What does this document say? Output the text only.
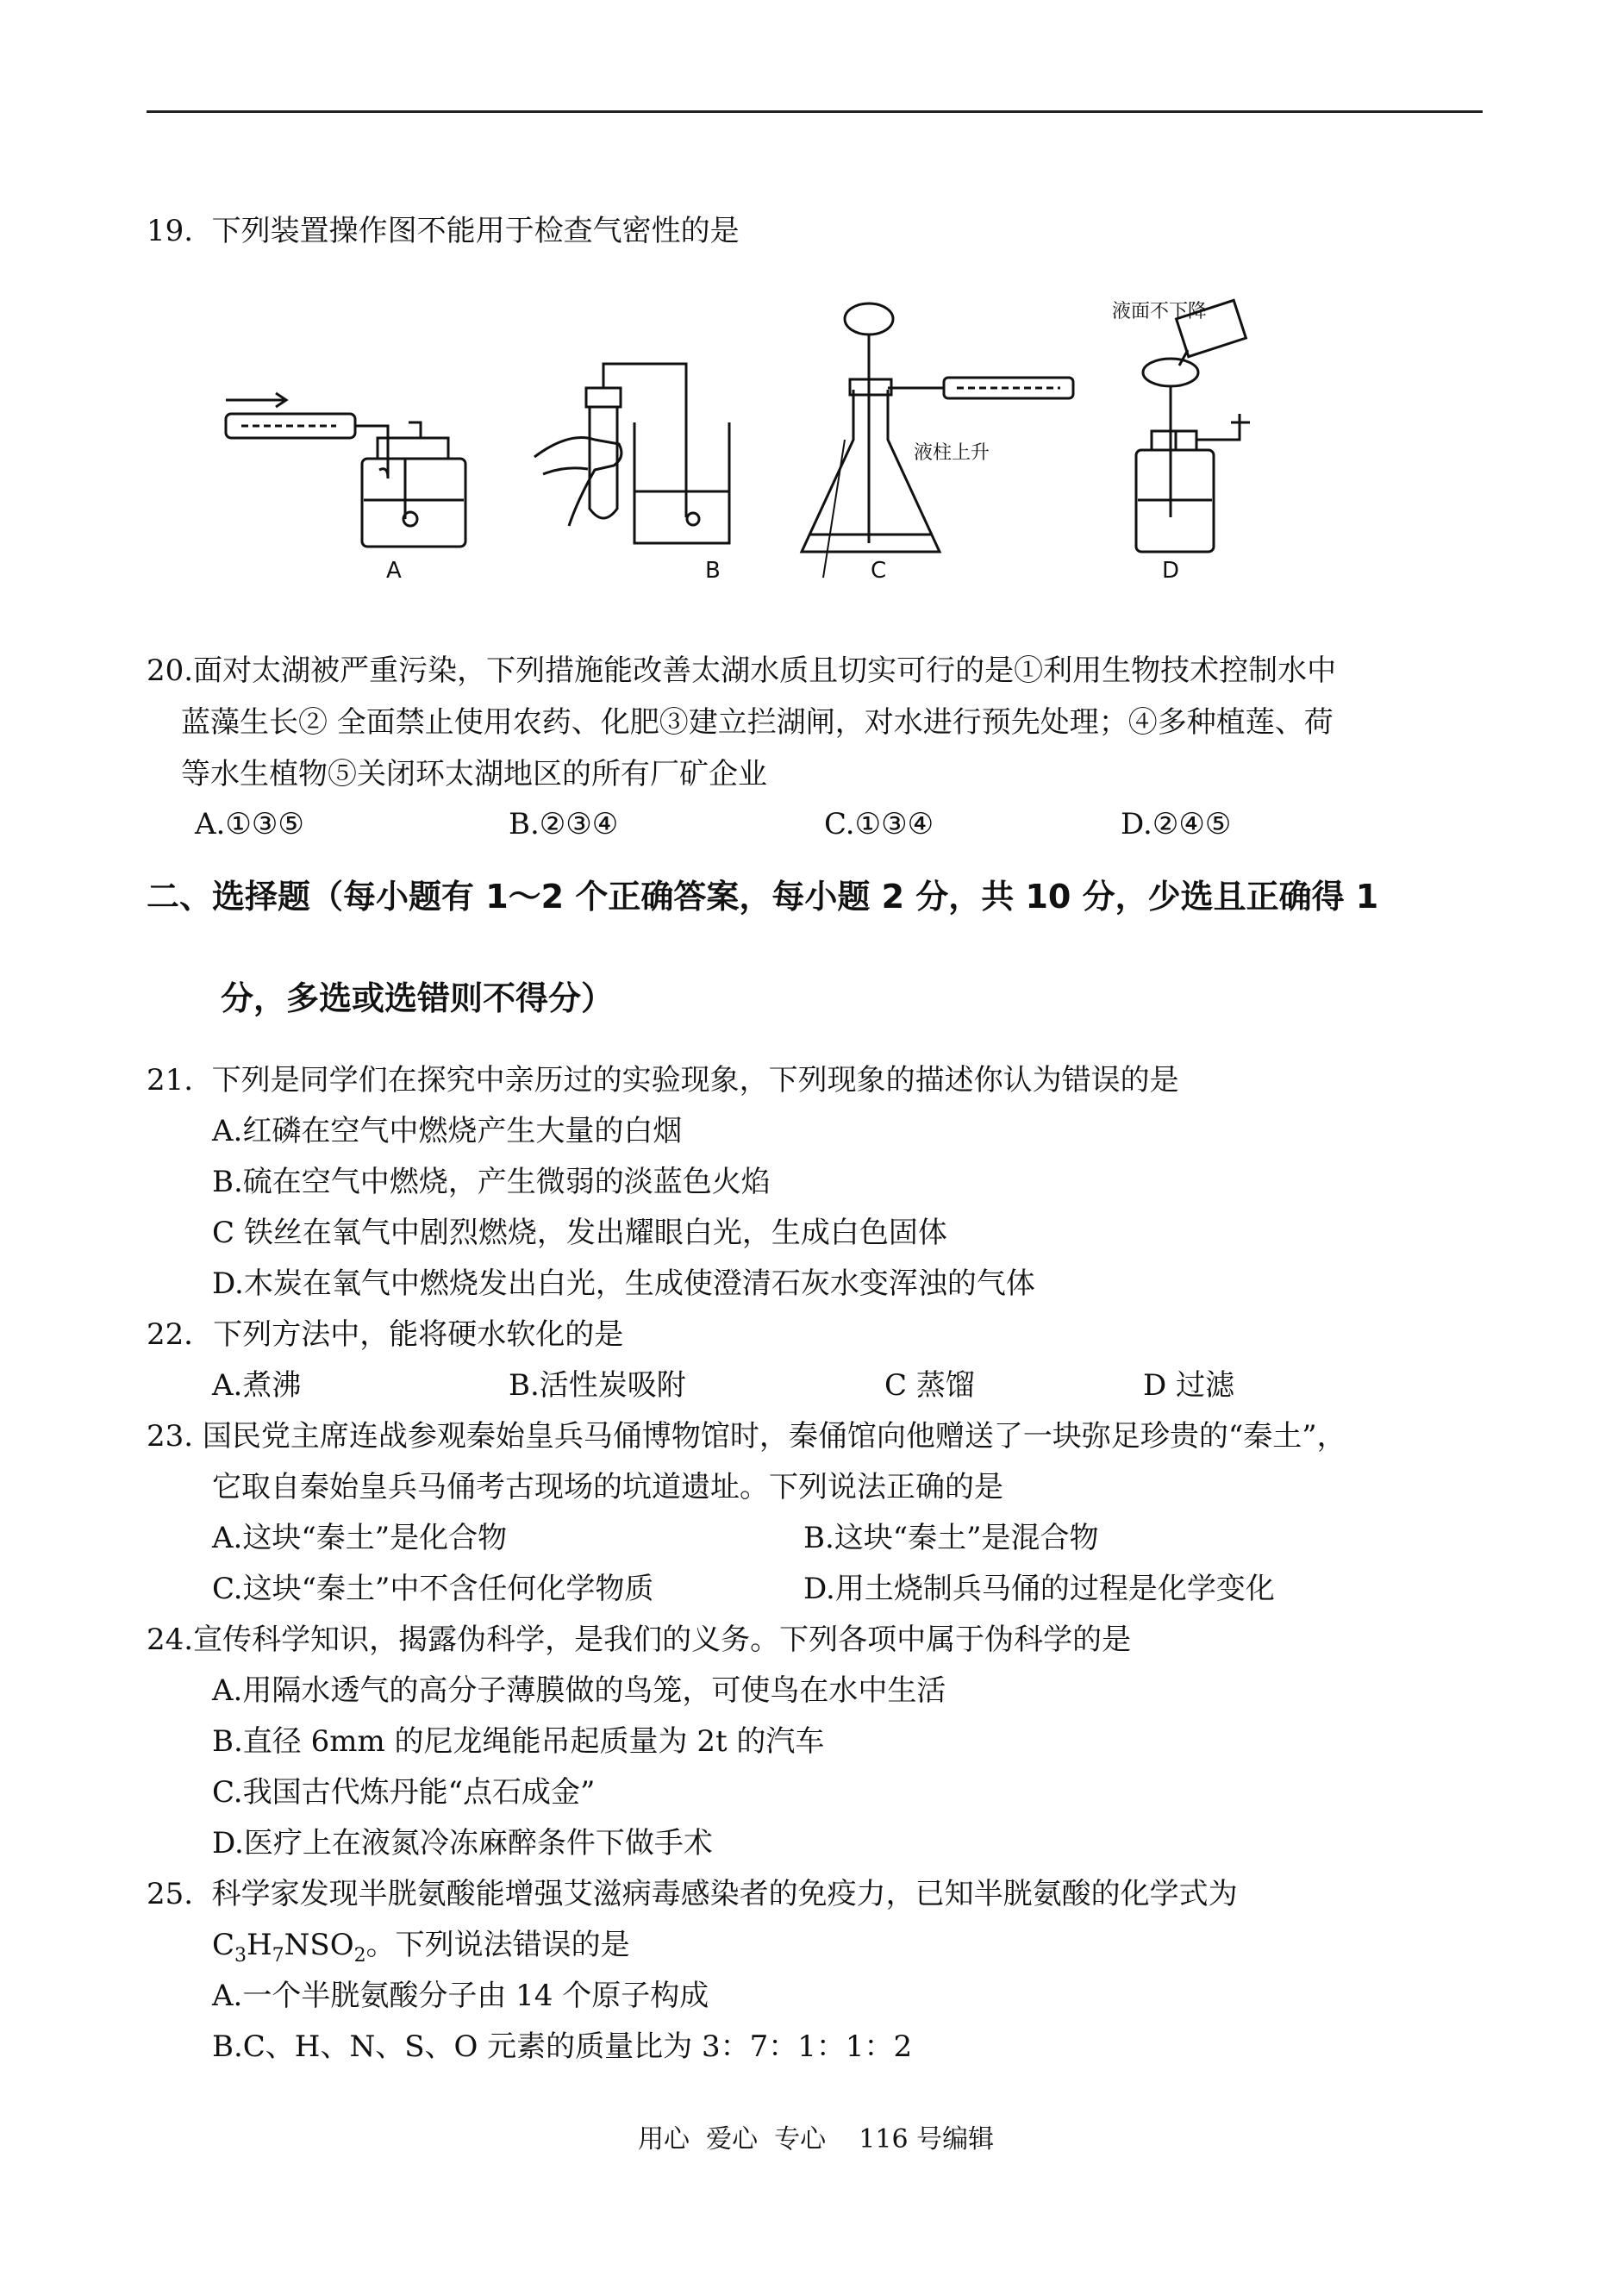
19.  下列装置操作图不能用于检查气密性的是
A	B	C	D
液柱上升
液面不下降
20.面对太湖被严重污染，下列措施能改善太湖水质且切实可行的是①利用生物技术控制水中
蓝藻生长② 全面禁止使用农药、化肥③建立拦湖闸，对水进行预先处理；④多种植莲、荷
等水生植物⑤关闭环太湖地区的所有厂矿企业
A.①③⑤	B.②③④	C.①③④	D.②④⑤
二、选择题（每小题有 1～2 个正确答案，每小题 2 分，共 10 分，少选且正确得 1
分，多选或选错则不得分）
21.  下列是同学们在探究中亲历过的实验现象，下列现象的描述你认为错误的是
A.红磷在空气中燃烧产生大量的白烟
B.硫在空气中燃烧，产生微弱的淡蓝色火焰
C 铁丝在氧气中剧烈燃烧，发出耀眼白光，生成白色固体
D.木炭在氧气中燃烧发出白光，生成使澄清石灰水变浑浊的气体
22．下列方法中，能将硬水软化的是
A.煮沸	B.活性炭吸附	C 蒸馏	D 过滤
23. 国民党主席连战参观秦始皇兵马俑博物馆时，秦俑馆向他赠送了一块弥足珍贵的“秦土”，
它取自秦始皇兵马俑考古现场的坑道遗址。下列说法正确的是
A.这块“秦土”是化合物	B.这块“秦土”是混合物
C.这块“秦土”中不含任何化学物质	D.用土烧制兵马俑的过程是化学变化
24.宣传科学知识，揭露伪科学，是我们的义务。下列各项中属于伪科学的是
A.用隔水透气的高分子薄膜做的鸟笼，可使鸟在水中生活
B.直径 6mm 的尼龙绳能吊起质量为 2t 的汽车
C.我国古代炼丹能“点石成金”
D.医疗上在液氮冷冻麻醉条件下做手术
25.  科学家发现半胱氨酸能增强艾滋病毒感染者的免疫力，已知半胱氨酸的化学式为
$C_3H_7NSO_2$。下列说法错误的是
A.一个半胱氨酸分子由 14 个原子构成
B.C、H、N、S、O 元素的质量比为 3：7：1：1：2
用心  爱心  专心    116 号编辑
